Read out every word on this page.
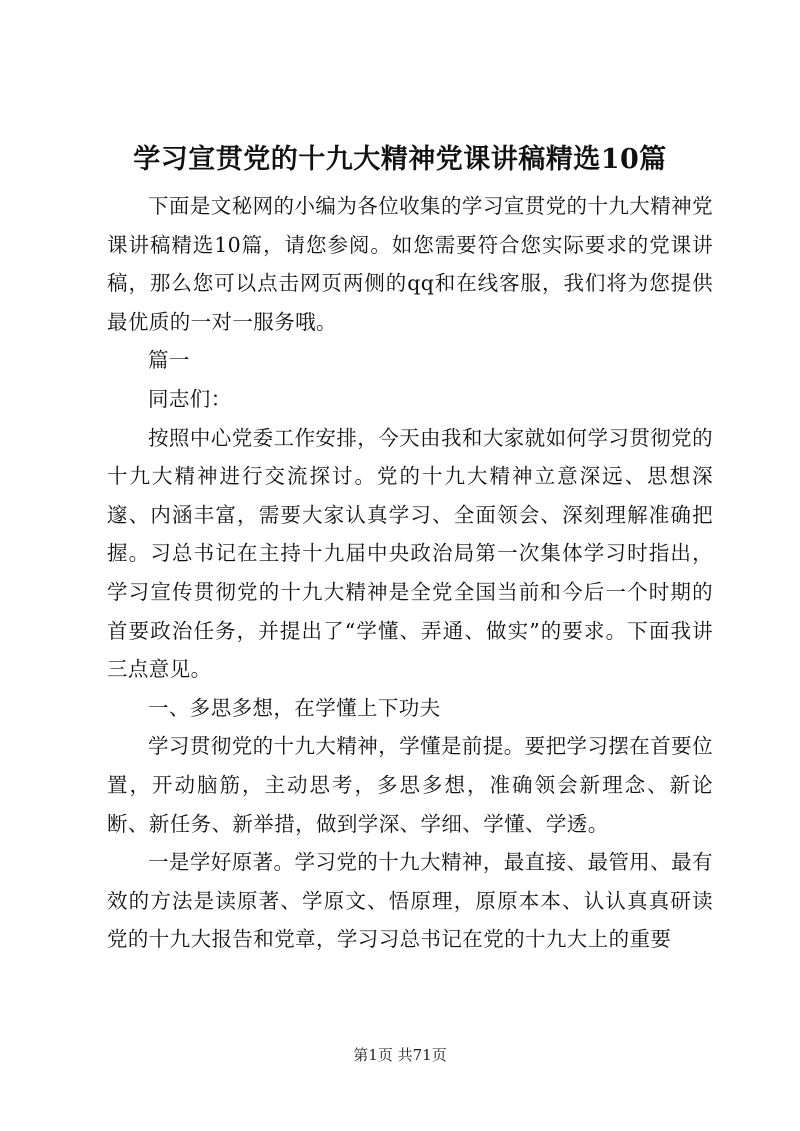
学习宣贯党的十九大精神党课讲稿精选10篇

下面是文秘网的小编为各位收集的学习宣贯党的十九大精神党课讲稿精选10篇，请您参阅。如您需要符合您实际要求的党课讲稿，那么您可以点击网页两侧的qq和在线客服，我们将为您提供最优质的一对一服务哦。

篇一

同志们：

按照中心党委工作安排，今天由我和大家就如何学习贯彻党的十九大精神进行交流探讨。党的十九大精神立意深远、思想深邃、内涵丰富，需要大家认真学习、全面领会、深刻理解准确把握。习总书记在主持十九届中央政治局第一次集体学习时指出，学习宣传贯彻党的十九大精神是全党全国当前和今后一个时期的首要政治任务，并提出了“学懂、弄通、做实”的要求。下面我讲三点意见。

一、多思多想，在学懂上下功夫

学习贯彻党的十九大精神，学懂是前提。要把学习摆在首要位置，开动脑筋，主动思考，多思多想，准确领会新理念、新论断、新任务、新举措，做到学深、学细、学懂、学透。

一是学好原著。学习党的十九大精神，最直接、最管用、最有效的方法是读原著、学原文、悟原理，原原本本、认认真真研读党的十九大报告和党章，学习习总书记在党的十九大上的重要

第1页 共71页
